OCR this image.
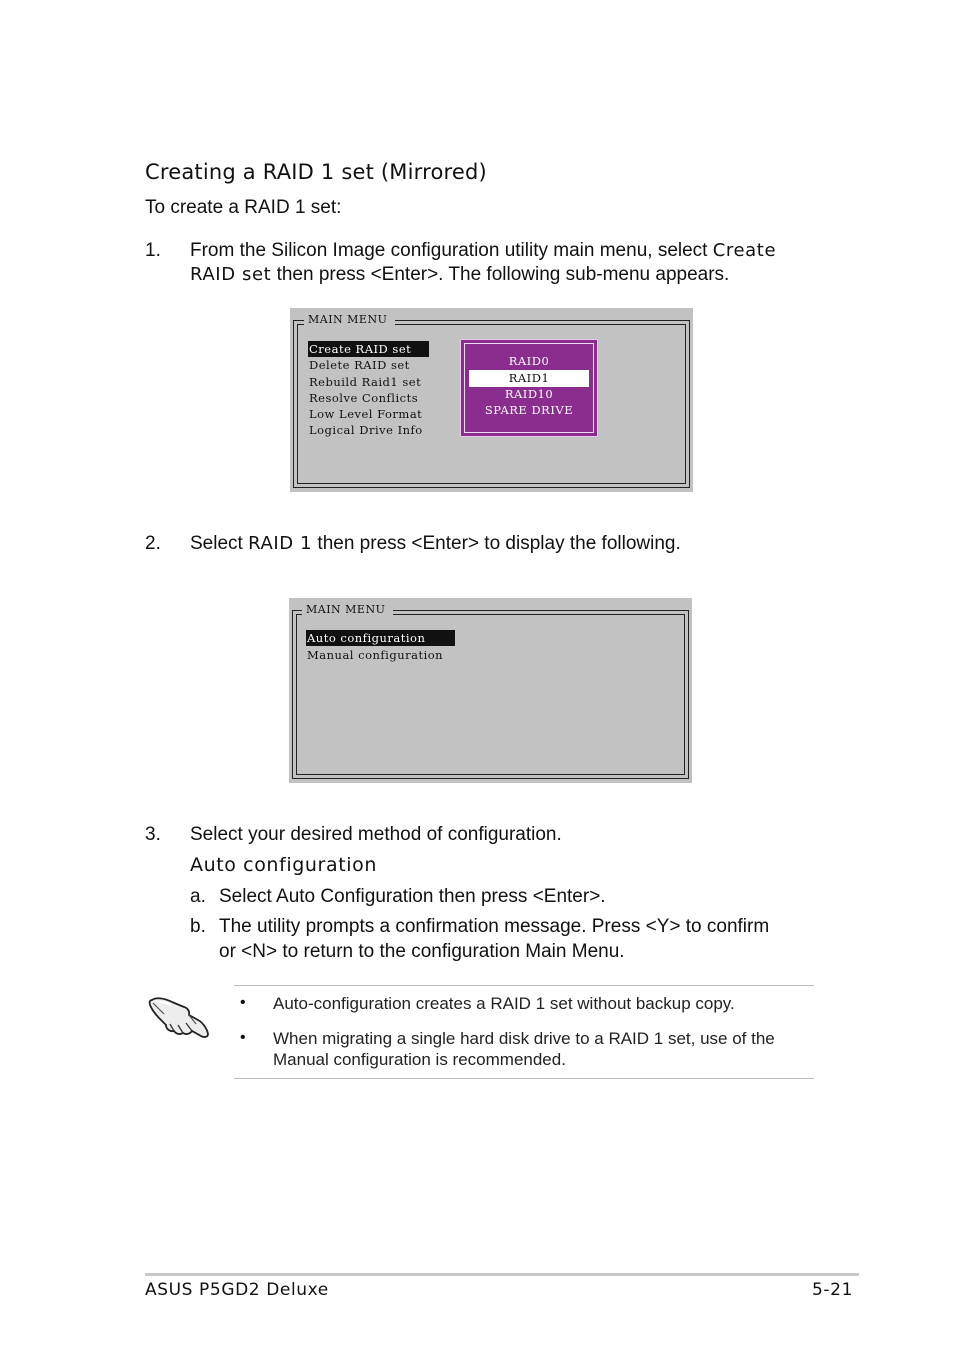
Creating a RAID 1 set (Mirrored)
To create a RAID 1 set:
1. From the Silicon Image configuration utility main menu, select Create
RAID set then press <Enter>. The following sub-menu appears.
MAIN MENU
Create RAID set
Delete RAID set
Rebuild Raid1 set
Resolve Conflicts
Low Level Format
Logical Drive Info
RAID0
RAID1
RAID10
SPARE DRIVE
2. Select RAID 1 then press <Enter> to display the following.
MAIN MENU
Auto configuration
Manual configuration
3. Select your desired method of configuration.
Auto configuration
a. Select Auto Configuration then press <Enter>.
b. The utility prompts a confirmation message. Press <Y> to confirm
or <N> to return to the configuration Main Menu.
• Auto-configuration creates a RAID 1 set without backup copy.
• When migrating a single hard disk drive to a RAID 1 set, use of the
Manual configuration is recommended.
ASUS P5GD2 Deluxe	5-21
